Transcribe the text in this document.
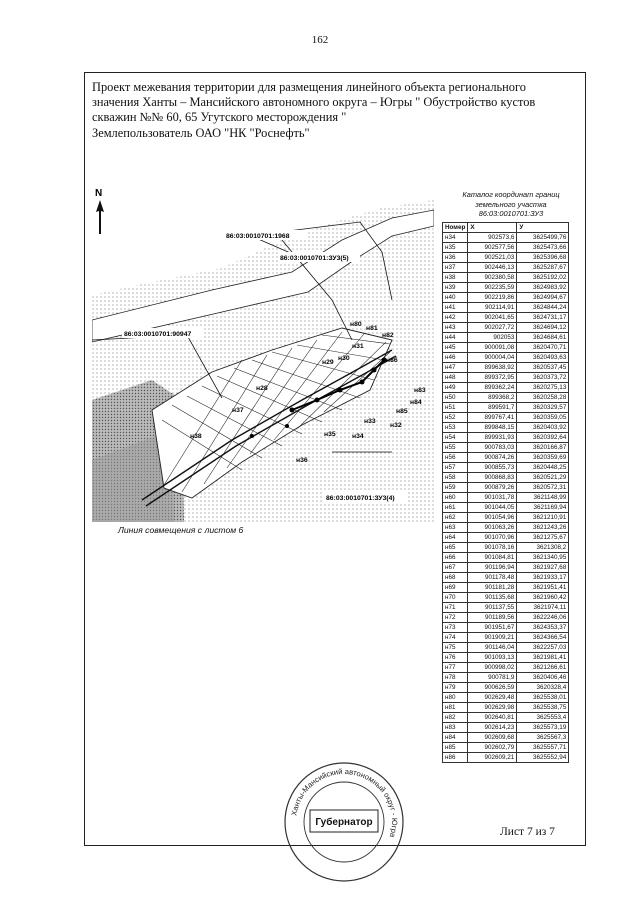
162
Проект межевания территории для размещения линейного объекта регионального
значения Ханты – Мансийского автономного округа – Югры " Обустройство кустов
скважин №№ 60, 65 Угутского месторождения "
Землепользователь ОАО "НК "Роснефть"
N
86:03:0010701:1968
86:03:0010701:ЗУ3(5)
86:03:0010701:90947
86:03:0010701:ЗУ3(4)
н80
н81
н82
н31
н30
н29	н86
н83
н84
н85
н32
н33
н34
н35
н36
н37
н38
н28
Линия совмещения с листом 6
Каталог координат границ
земельного участка
86:03:0010701:ЗУ3
Номер	X	У
н34	902573,6	3625499,76
н35	902577,56	3625473,66
н36	902521,03	3625396,68
н37	902446,13	3625287,67
н38	902380,58	3625192,02
н39	902235,59	3624983,92
н40	902219,86	3624994,67
н41	902114,91	3624844,24
н42	902041,65	3624731,17
н43	902027,72	3624694,12
н44	902053	3624684,61
н45	900091,08	3620470,71
н46	900004,04	3620493,63
н47	899638,92	3620537,45
н48	899372,95	3620373,72
н49	899362,24	3620275,13
н50	899368,2	3620258,28
н51	899591,7	3620329,57
н52	899767,41	3620359,05
н53	899848,15	3620403,92
н54	899931,93	3620392,64
н55	900783,03	3620166,87
н56	900874,26	3620359,69
н57	900855,73	3620448,25
н58	900868,83	3620521,29
н59	900879,26	3620572,31
н60	901031,78	3621148,99
н61	901044,05	3621169,94
н62	901054,96	3621210,91
н63	901063,26	3621243,26
н64	901070,96	3621275,67
н65	901078,16	3621308,2
н66	901084,81	3621340,95
н67	901196,94	3621927,68
н68	901178,48	3621933,17
н69	901181,28	3621951,41
н70	901135,68	3621960,42
н71	901137,55	3621974,11
н72	901189,56	3622246,06
н73	901951,67	3624353,37
н74	901909,21	3624366,54
н75	901146,04	3622257,03
н76	901093,13	3621981,41
н77	900998,02	3621266,61
н78	900781,9	3620406,46
н79	900626,59	3620328,4
н80	902629,48	3625538,01
н81	902629,98	3625538,75
н82	902640,81	3625553,4
н83	902614,23	3625573,19
н84	902609,68	3625567,3
н85	902602,79	3625557,71
н86	902609,21	3625552,94
Ханты-Мансийский автономный округ - Югра
Губернатор
Лист 7 из 7
